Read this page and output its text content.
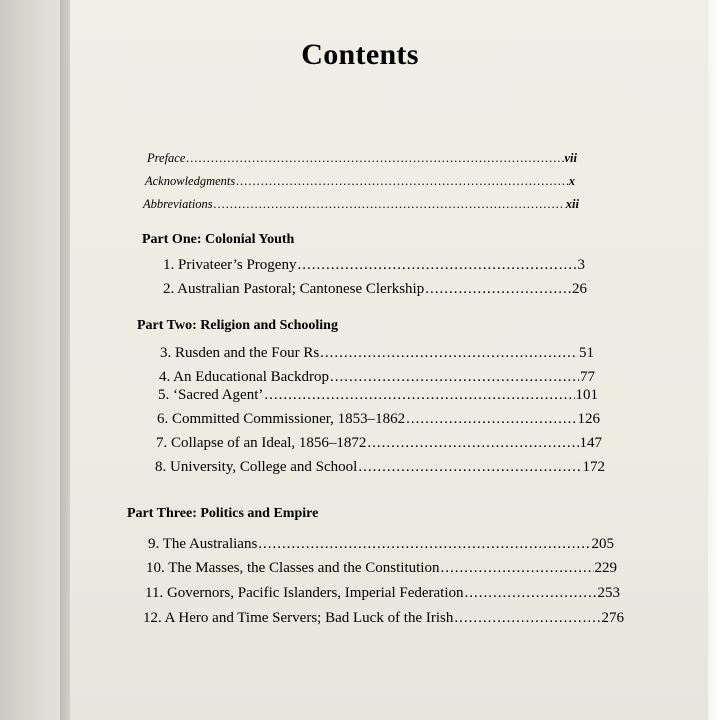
Contents
Preface .....	vii
Acknowledgments .....	x
Abbreviations .....	xii
Part One: Colonial Youth
1. Privateer’s Progeny .....	3
2. Australian Pastoral; Cantonese Clerkship .....	26
Part Two: Religion and Schooling
3. Rusden and the Four Rs .....	51
4. An Educational Backdrop .....	77
5. ‘Sacred Agent’ .....	101
6. Committed Commissioner, 1853–1862 .....	126
7. Collapse of an Ideal, 1856–1872 .....	147
8. University, College and School .....	172
Part Three: Politics and Empire
9. The Australians .....	205
10. The Masses, the Classes and the Constitution .....	229
11. Governors, Pacific Islanders, Imperial Federation .....	253
12. A Hero and Time Servers; Bad Luck of the Irish .....	276
